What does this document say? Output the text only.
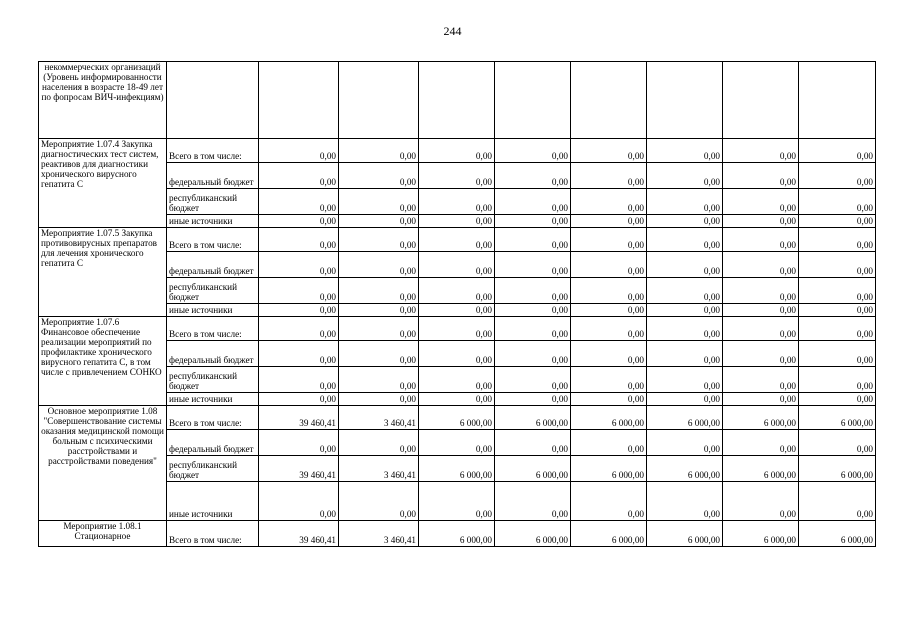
244
некоммерческих организаций (Уровень информированности населения в возрасте 18-49 лет по фопросам ВИЧ-инфекциям)									
Мероприятие 1.07.4 Закупка диагностических тест систем, реактивов для диагностики хронического вирусного гепатита С	Всего в том числе:	0,00	0,00	0,00	0,00	0,00	0,00	0,00	0,00
	федеральный бюджет	0,00	0,00	0,00	0,00	0,00	0,00	0,00	0,00
	республиканский бюджет	0,00	0,00	0,00	0,00	0,00	0,00	0,00	0,00
	иные источники	0,00	0,00	0,00	0,00	0,00	0,00	0,00	0,00
Мероприятие 1.07.5 Закупка противовирусных препаратов для лечения хронического гепатита С	Всего в том числе:	0,00	0,00	0,00	0,00	0,00	0,00	0,00	0,00
	федеральный бюджет	0,00	0,00	0,00	0,00	0,00	0,00	0,00	0,00
	республиканский бюджет	0,00	0,00	0,00	0,00	0,00	0,00	0,00	0,00
	иные источники	0,00	0,00	0,00	0,00	0,00	0,00	0,00	0,00
Мероприятие 1.07.6 Финансовое обеспечение реализации мероприятий по профилактике хронического вирусного гепатита С, в том числе с привлечением СОНКО	Всего в том числе:	0,00	0,00	0,00	0,00	0,00	0,00	0,00	0,00
	федеральный бюджет	0,00	0,00	0,00	0,00	0,00	0,00	0,00	0,00
	республиканский бюджет	0,00	0,00	0,00	0,00	0,00	0,00	0,00	0,00
	иные источники	0,00	0,00	0,00	0,00	0,00	0,00	0,00	0,00
Основное мероприятие 1.08 "Совершенствование системы оказания медицинской помощи больным с психическими расстройствами и расстройствами поведения"	Всего в том числе:	39 460,41	3 460,41	6 000,00	6 000,00	6 000,00	6 000,00	6 000,00	6 000,00
	федеральный бюджет	0,00	0,00	0,00	0,00	0,00	0,00	0,00	0,00
	республиканский бюджет	39 460,41	3 460,41	6 000,00	6 000,00	6 000,00	6 000,00	6 000,00	6 000,00
	иные источники	0,00	0,00	0,00	0,00	0,00	0,00	0,00	0,00
Мероприятие 1.08.1 Стационарное	Всего в том числе:	39 460,41	3 460,41	6 000,00	6 000,00	6 000,00	6 000,00	6 000,00	6 000,00
